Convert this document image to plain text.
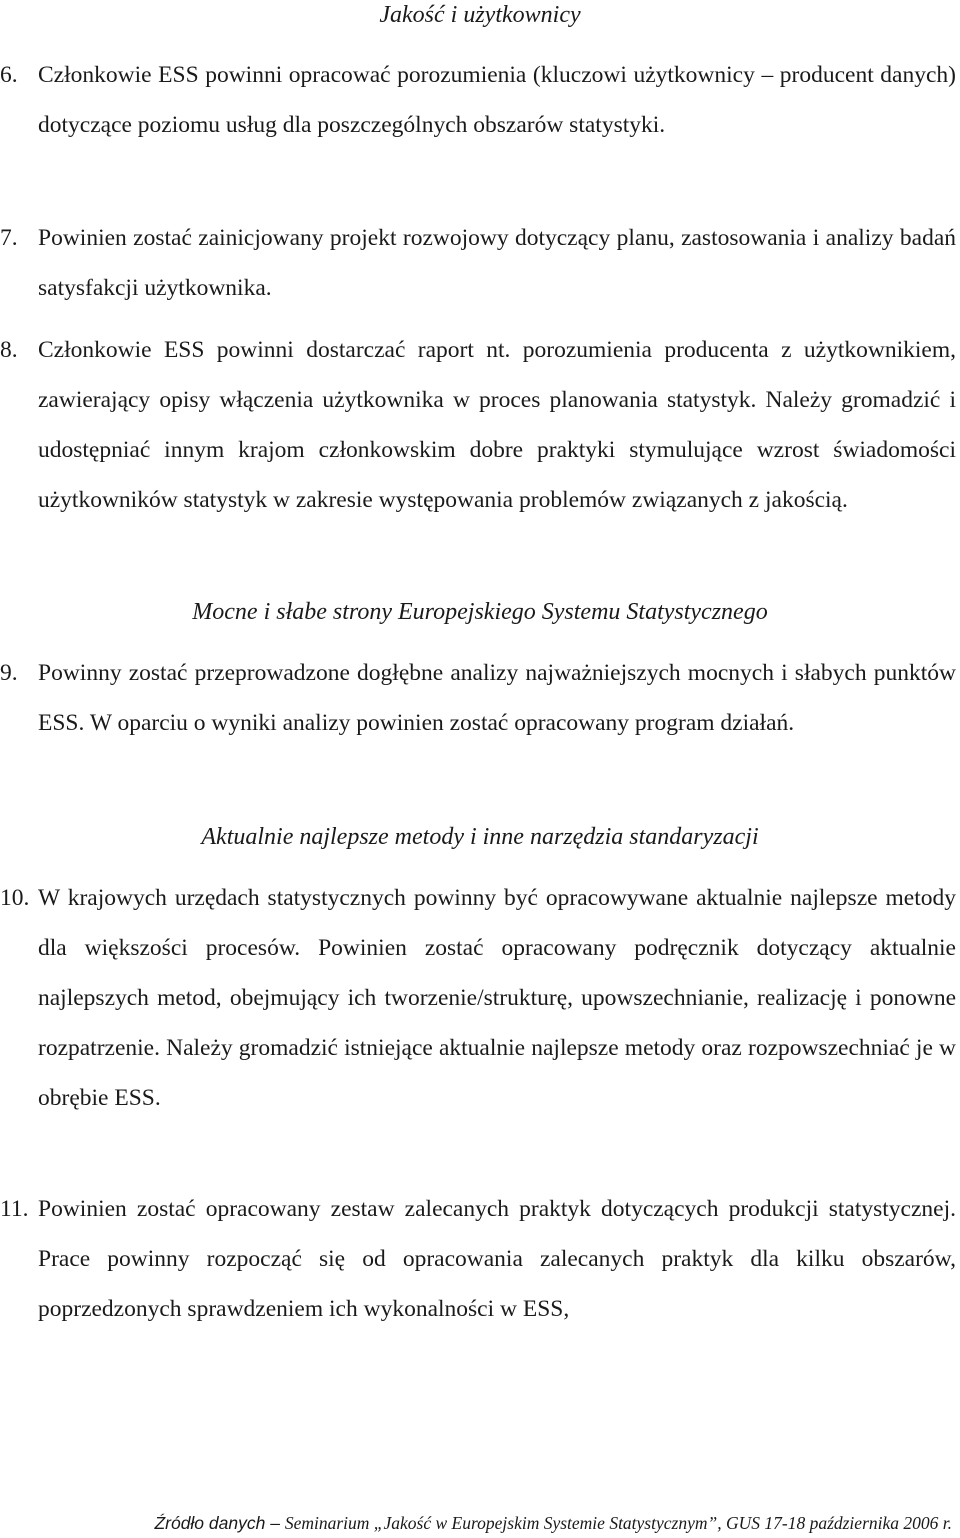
Jakość i użytkownicy
6. Członkowie ESS powinni opracować porozumienia (kluczowi użytkownicy – producent danych) dotyczące poziomu usług dla poszczególnych obszarów statystyki.
7. Powinien zostać zainicjowany projekt rozwojowy dotyczący planu, zastosowania i analizy badań satysfakcji użytkownika.
8. Członkowie ESS powinni dostarczać raport nt. porozumienia producenta z użytkownikiem, zawierający opisy włączenia użytkownika w proces planowania statystyk. Należy gromadzić i udostępniać innym krajom członkowskim dobre praktyki stymulujące wzrost świadomości użytkowników statystyk w zakresie występowania problemów związanych z jakością.
Mocne i słabe strony Europejskiego Systemu Statystycznego
9. Powinny zostać przeprowadzone dogłębne analizy najważniejszych mocnych i słabych punktów ESS. W oparciu o wyniki analizy powinien zostać opracowany program działań.
Aktualnie najlepsze metody i inne narzędzia standaryzacji
10. W krajowych urzędach statystycznych powinny być opracowywane aktualnie najlepsze metody dla większości procesów. Powinien zostać opracowany podręcznik dotyczący aktualnie najlepszych metod, obejmujący ich tworzenie/strukturę, upowszechnianie, realizację i ponowne rozpatrzenie. Należy gromadzić istniejące aktualnie najlepsze metody oraz rozpowszechniać je w obrębie ESS.
11. Powinien zostać opracowany zestaw zalecanych praktyk dotyczących produkcji statystycznej. Prace powinny rozpocząć się od opracowania zalecanych praktyk dla kilku obszarów, poprzedzonych sprawdzeniem ich wykonalności w ESS,
Źródło danych – Seminarium „Jakość w Europejskim Systemie Statystycznym”, GUS 17-18 października 2006 r.
